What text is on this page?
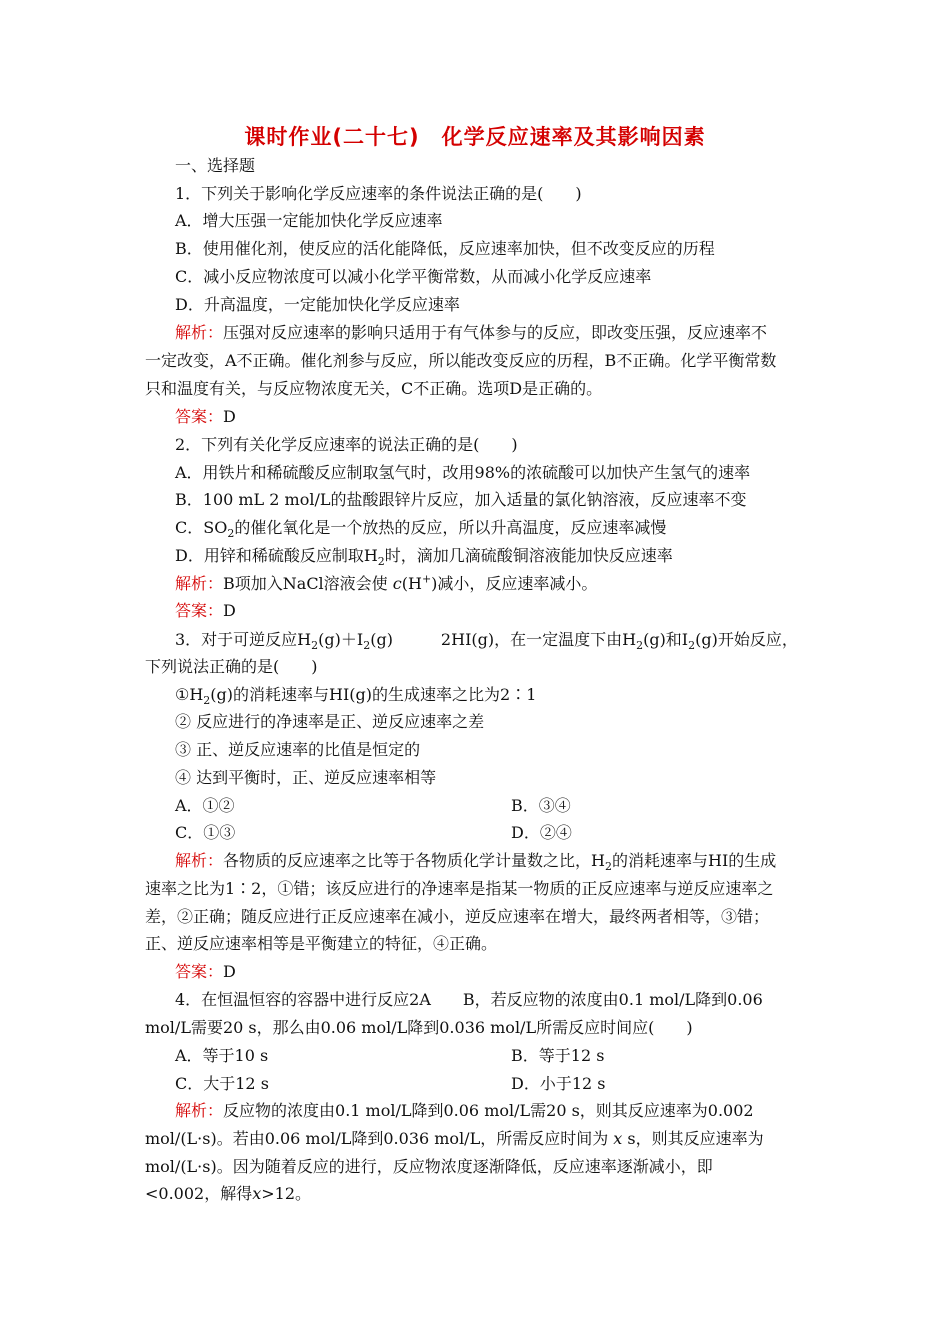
课时作业(二十七)　化学反应速率及其影响因素
一、选择题
1．下列关于影响化学反应速率的条件说法正确的是(　　)
A．增大压强一定能加快化学反应速率
B．使用催化剂，使反应的活化能降低，反应速率加快，但不改变反应的历程
C．减小反应物浓度可以减小化学平衡常数，从而减小化学反应速率
D．升高温度，一定能加快化学反应速率
解析：压强对反应速率的影响只适用于有气体参与的反应，即改变压强，反应速率不
一定改变，A不正确。催化剂参与反应，所以能改变反应的历程，B不正确。化学平衡常数
只和温度有关，与反应物浓度无关，C不正确。选项D是正确的。
答案：D
2．下列有关化学反应速率的说法正确的是(　　)
A．用铁片和稀硫酸反应制取氢气时，改用98%的浓硫酸可以加快产生氢气的速率
B．100 mL 2 mol/L的盐酸跟锌片反应，加入适量的氯化钠溶液，反应速率不变
C．$SO_2$的催化氧化是一个放热的反应，所以升高温度，反应速率减慢
D．用锌和稀硫酸反应制取$H_2$时，滴加几滴硫酸铜溶液能加快反应速率
解析：B项加入NaCl溶液会使 c(H+)减小，反应速率减小。
答案：D
3．对于可逆反应$H_2(g)+I_2(g)$　　　2HI(g)，在一定温度下由$H_2(g)$和$I_2(g)$开始反应，
下列说法正确的是(　　)
$①H_2(g)$的消耗速率与HI(g)的生成速率之比为2∶1
② 反应进行的净速率是正、逆反应速率之差
③ 正、逆反应速率的比值是恒定的
④ 达到平衡时，正、逆反应速率相等
A．①②	B．③④
C．①③	D．②④
解析：各物质的反应速率之比等于各物质化学计量数之比，$H_2$的消耗速率与HI的生成
速率之比为1∶2，①错；该反应进行的净速率是指某一物质的正反应速率与逆反应速率之
差，②正确；随反应进行正反应速率在减小，逆反应速率在增大，最终两者相等，③错；
正、逆反应速率相等是平衡建立的特征，④正确。
答案：D
4．在恒温恒容的容器中进行反应2A　　B，若反应物的浓度由0.1 mol/L降到0.06
mol/L需要20 s，那么由0.06 mol/L降到0.036 mol/L所需反应时间应(　　)
A．等于10 s	B．等于12 s
C．大于12 s	D．小于12 s
解析：反应物的浓度由0.1 mol/L降到0.06 mol/L需20 s，则其反应速率为0.002
mol/(L·s)。若由0.06 mol/L降到0.036 mol/L，所需反应时间为 x s，则其反应速率为
mol/(L·s)。因为随着反应的进行，反应物浓度逐渐降低，反应速率逐渐减小，即
<0.002，解得x>12。
